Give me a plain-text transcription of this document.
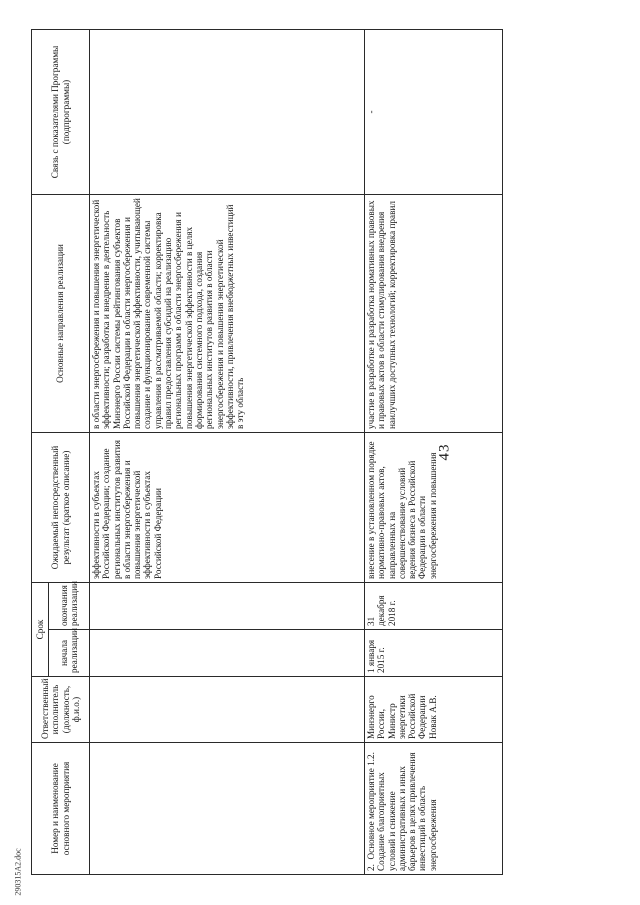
43
Номер и наименование основного мероприятия	Ответственный исполнитель (должность, ф.и.о.)	Срок		Ожидаемый непосредственный результат (краткое описание)	Основные направления реализации	Связь с показателями Программы (подпрограммы)
		начала реализации	окончания реализации			
				эффективности в субъектах Российской Федерации; создание региональных институтов развития в области энергосбережения и повышения энергетической эффективности в субъектах Российской Федерации	в области энергосбережения и повышения энергетической эффективности; разработка и внедрение в деятельность Минэнерго России системы рейтингования субъектов Российской Федерации в области энергосбережения и повышения энергетической эффективности, учитывающей создание и функционирование современной системы управления в рассматриваемой области; корректировка правил предоставления субсидий на реализацию региональных программ в области энергосбережения и повышения энергетической эффективности в целях формирования системного подхода, создания региональных институтов развития в области энергосбережения и повышения энергетической эффективности, привлечения внебюджетных инвестиций в эту область	
2.  Основное мероприятие 1.2. Создание благоприятных условий и снижение административных и иных барьеров в целях привлечения инвестиций в область энергосбережения	Минэнерго России, Министр энергетики Российской Федерации Новак А.В.	1 января 2015 г.	31 декабря 2018 г.	внесение в установленном порядке нормативно-правовых актов, направленных на совершенствование условий ведения бизнеса в Российской Федерации в области энергосбережения и повышения	участие в разработке и разработка нормативных правовых и правовых актов в области стимулирования внедрения наилучших доступных технологий; корректировка правил	-
290315A2.doc
